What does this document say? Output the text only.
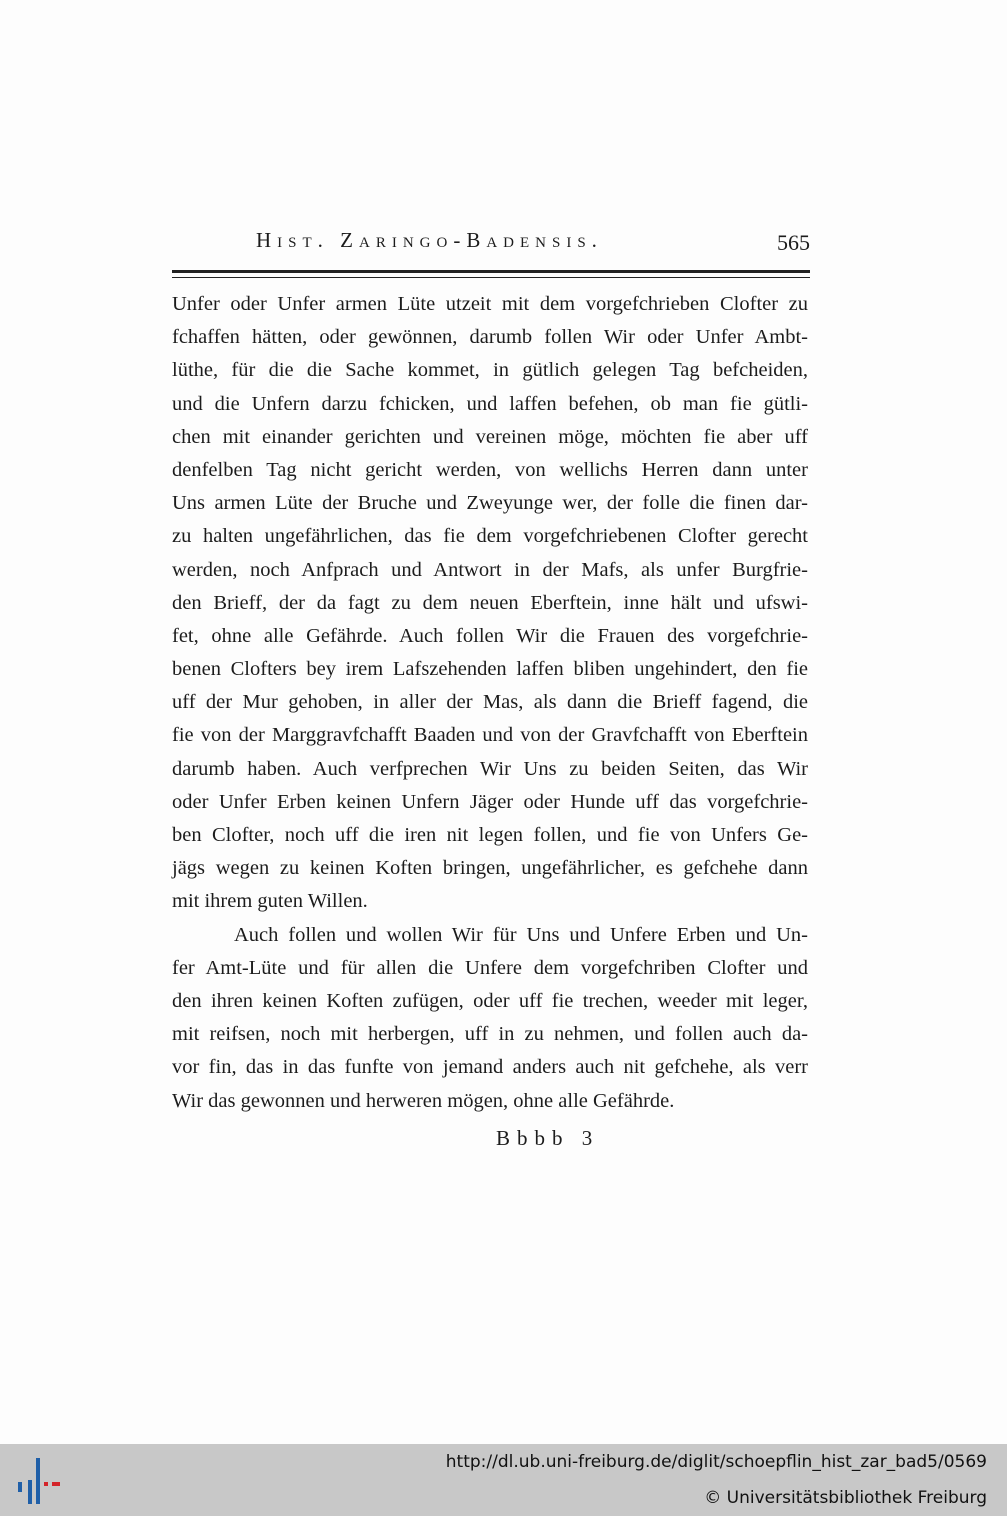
Hist. Zaringo-Badensis.	565
Unfer oder Unfer armen Lüte utzeit mit dem vorgefchrieben Clofter zu
fchaffen hätten, oder gewönnen, darumb follen Wir oder Unfer Ambt-
lüthe, für die die Sache kommet, in gütlich gelegen Tag befcheiden,
und die Unfern darzu fchicken, und laffen befehen, ob man fie gütli-
chen mit einander gerichten und vereinen möge, möchten fie aber uff
denfelben Tag nicht gericht werden, von wellichs Herren dann unter
Uns armen Lüte der Bruche und Zweyunge wer, der folle die finen dar-
zu halten ungefährlichen, das fie dem vorgefchriebenen Clofter gerecht
werden, noch Anfprach und Antwort in der Mafs, als unfer Burgfrie-
den Brieff, der da fagt zu dem neuen Eberftein, inne hält und ufswi-
fet, ohne alle Gefährde. Auch follen Wir die Frauen des vorgefchrie-
benen Clofters bey irem Lafszehenden laffen bliben ungehindert, den fie
uff der Mur gehoben, in aller der Mas, als dann die Brieff fagend, die
fie von der Marggravfchafft Baaden und von der Gravfchafft von Eberftein
darumb haben. Auch verfprechen Wir Uns zu beiden Seiten, das Wir
oder Unfer Erben keinen Unfern Jäger oder Hunde uff das vorgefchrie-
ben Clofter, noch uff die iren nit legen follen, und fie von Unfers Ge-
jägs wegen zu keinen Koften bringen, ungefährlicher, es gefchehe dann
mit ihrem guten Willen.
Auch follen und wollen Wir für Uns und Unfere Erben und Un-
fer Amt-Lüte und für allen die Unfere dem vorgefchriben Clofter und
den ihren keinen Koften zufügen, oder uff fie trechen, weeder mit leger,
mit reifsen, noch mit herbergen, uff in zu nehmen, und follen auch da-
vor fin, das in das funfte von jemand anders auch nit gefchehe, als verr
Wir das gewonnen und herweren mögen, ohne alle Gefährde.
Bbbb 3
http://dl.ub.uni-freiburg.de/diglit/schoepflin_hist_zar_bad5/0569
© Universitätsbibliothek Freiburg
